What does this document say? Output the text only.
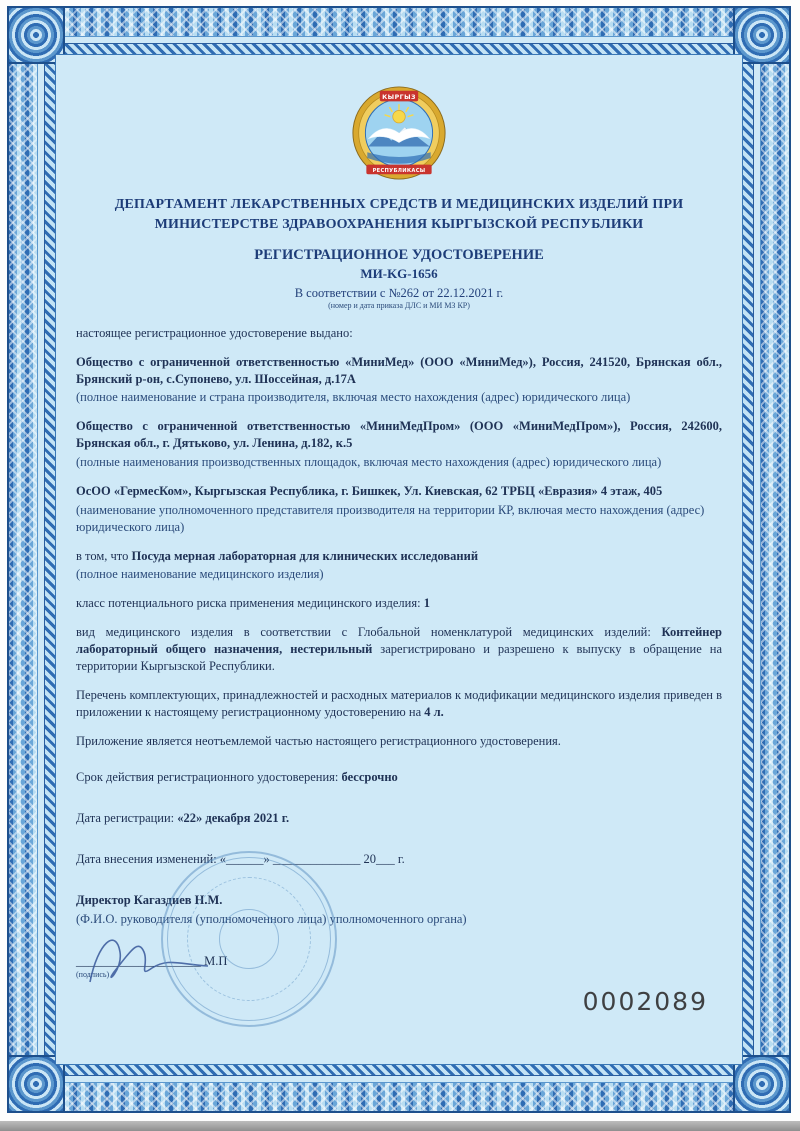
КЫРГЫЗ
РЕСПУБЛИКАСЫ
ДЕПАРТАМЕНТ ЛЕКАРСТВЕННЫХ СРЕДСТВ И МЕДИЦИНСКИХ ИЗДЕЛИЙ ПРИ МИНИСТЕРСТВЕ ЗДРАВООХРАНЕНИЯ КЫРГЫЗСКОЙ РЕСПУБЛИКИ
РЕГИСТРАЦИОННОЕ УДОСТОВЕРЕНИЕ
МИ-KG-1656
В соответствии с №262 от 22.12.2021 г.
(номер и дата приказа ДЛС и МИ МЗ КР)

настоящее регистрационное удостоверение выдано:

Общество с ограниченной ответственностью «МиниМед» (ООО «МиниМед»), Россия, 241520, Брянская обл., Брянский р-он, с.Супонево, ул. Шоссейная, д.17А

(полное наименование и страна производителя, включая место нахождения (адрес) юридического лица)

Общество с ограниченной ответственностью «МиниМедПром» (ООО «МиниМедПром»), Россия, 242600, Брянская обл., г. Дятьково, ул. Ленина, д.182, к.5

(полные наименования производственных площадок, включая место нахождения (адрес) юридического лица)

ОсОО «ГермесКом», Кыргызская Республика, г. Бишкек, Ул. Киевская, 62 ТРБЦ «Евразия» 4 этаж, 405

(наименование уполномоченного представителя производителя на территории КР, включая место нахождения (адрес) юридического лица)

в том, что Посуда мерная лабораторная для клинических исследований

(полное наименование медицинского изделия)

класс потенциального риска применения медицинского изделия: 1

вид медицинского изделия в соответствии с Глобальной номенклатурой медицинских изделий: Контейнер лабораторный общего назначения, нестерильный зарегистрировано и разрешено к выпуску в обращение на территории Кыргызской Республики.

Перечень комплектующих, принадлежностей и расходных материалов к модификации медицинского изделия приведен в приложении к настоящему регистрационному удостоверению на 4 л.

Приложение является неотъемлемой частью настоящего регистрационного удостоверения.

Срок действия регистрационного удостоверения: бессрочно

Дата регистрации: «22» декабря 2021 г.

Дата внесения изменений: «______» ______________ 20___ г.

Директор Кагаздиев Н.М.

(Ф.И.О. руководителя (уполномоченного лица) уполномоченного органа)

____________________ М.П
(подпись)
0002089
